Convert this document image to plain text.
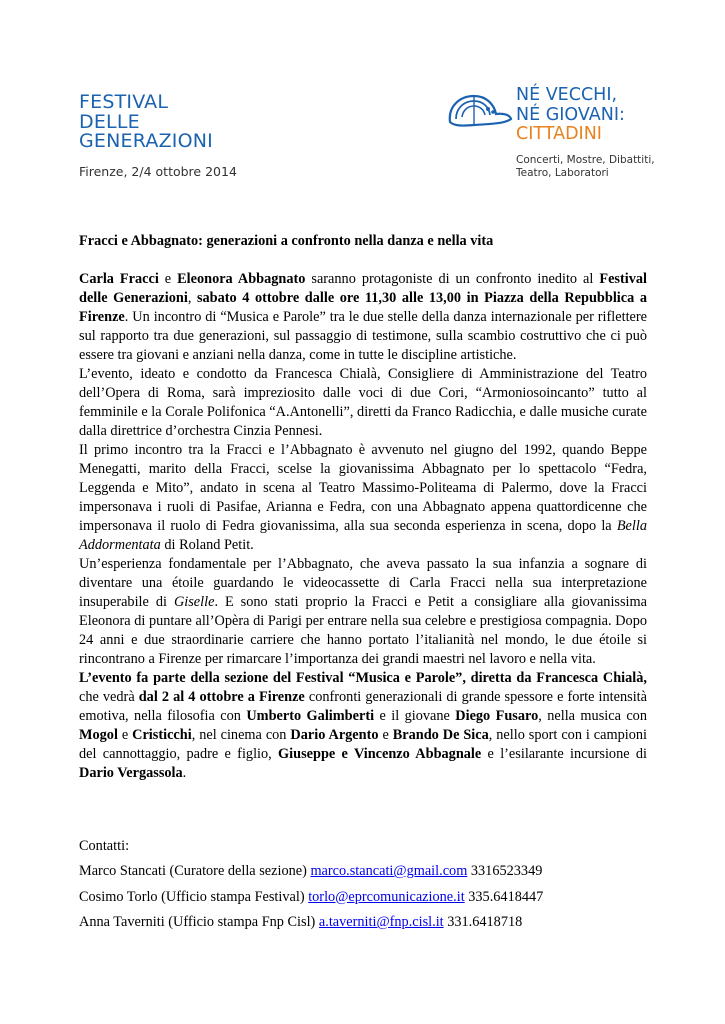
FESTIVAL
DELLE
GENERAZIONI
Firenze, 2/4 ottobre 2014
NÉ VECCHI,
NÉ GIOVANI:
CITTADINI
Concerti, Mostre, Dibattiti,
Teatro, Laboratori

Fracci e Abbagnato: generazioni a confronto nella danza e nella vita

Carla Fracci e Eleonora Abbagnato saranno protagoniste di un confronto inedito al Festival delle Generazioni, sabato 4 ottobre dalle ore 11,30 alle 13,00 in Piazza della Repubblica a Firenze. Un incontro di “Musica e Parole” tra le due stelle della danza internazionale per riflettere sul rapporto tra due generazioni, sul passaggio di testimone, sulla scambio costruttivo che ci può essere tra giovani e anziani nella danza, come in tutte le discipline artistiche.

L’evento, ideato e condotto da Francesca Chialà, Consigliere di Amministrazione del Teatro dell’Opera di Roma, sarà impreziosito dalle voci di due Cori, “Armoniosoincanto” tutto al femminile e la Corale Polifonica “A.Antonelli”, diretti da Franco Radicchia, e dalle musiche curate dalla direttrice d’orchestra Cinzia Pennesi.

Il primo incontro tra la Fracci e l’Abbagnato è avvenuto nel giugno del 1992, quando Beppe Menegatti, marito della Fracci, scelse la giovanissima Abbagnato per lo spettacolo “Fedra, Leggenda e Mito”, andato in scena al Teatro Massimo-Politeama di Palermo, dove la Fracci impersonava i ruoli di Pasifae, Arianna e Fedra, con una Abbagnato appena quattordicenne che impersonava il ruolo di Fedra giovanissima, alla sua seconda esperienza in scena, dopo la Bella Addormentata di Roland Petit.

Un’esperienza fondamentale per l’Abbagnato, che aveva passato la sua infanzia a sognare di diventare una étoile guardando le videocassette di Carla Fracci nella sua interpretazione insuperabile di Giselle. E sono stati proprio la Fracci e Petit a consigliare alla giovanissima Eleonora di puntare all’Opèra di Parigi per entrare nella sua celebre e prestigiosa compagnia. Dopo 24 anni e due straordinarie carriere che hanno portato l’italianità nel mondo, le due étoile si rincontrano a Firenze per rimarcare l’importanza dei grandi maestri nel lavoro e nella vita.

L’evento fa parte della sezione del Festival “Musica e Parole”, diretta da Francesca Chialà, che vedrà dal 2 al 4 ottobre a Firenze confronti generazionali di grande spessore e forte intensità emotiva, nella filosofia con Umberto Galimberti e il giovane Diego Fusaro, nella musica con Mogol e Cristicchi, nel cinema con Dario Argento e Brando De Sica, nello sport con i campioni del cannottaggio, padre e figlio, Giuseppe e Vincenzo Abbagnale e l’esilarante incursione di Dario Vergassola.

Contatti:
Marco Stancati (Curatore della sezione) marco.stancati@gmail.com 3316523349
Cosimo Torlo (Ufficio stampa Festival) torlo@eprcomunicazione.it 335.6418447
Anna Taverniti (Ufficio stampa Fnp Cisl) a.taverniti@fnp.cisl.it 331.6418718
